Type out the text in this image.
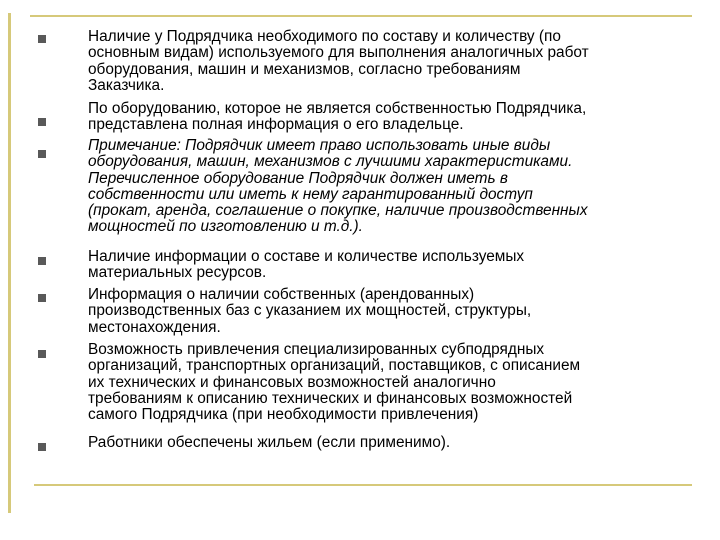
Наличие у Подрядчика необходимого по составу и количеству (по
основным видам) используемого для выполнения аналогичных работ
оборудования, машин и механизмов, согласно требованиям
Заказчика.

По оборудованию, которое не является собственностью Подрядчика,
представлена полная информация о его владельце.

Примечание: Подрядчик имеет право использовать иные виды
оборудования, машин, механизмов с лучшими характеристиками.
Перечисленное оборудование Подрядчик должен иметь в
собственности или иметь к нему гарантированный доступ
(прокат, аренда, соглашение о покупке, наличие производственных
мощностей по изготовлению и т.д.).

Наличие информации о составе и количестве используемых
материальных ресурсов.

Информация о наличии собственных (арендованных)
производственных баз с указанием их мощностей, структуры,
местонахождения.

Возможность привлечения специализированных субподрядных
организаций, транспортных организаций, поставщиков, с описанием
их технических и финансовых возможностей аналогично
требованиям к описанию технических и финансовых возможностей
самого Подрядчика (при необходимости привлечения)

Работники обеспечены жильем (если применимо).
